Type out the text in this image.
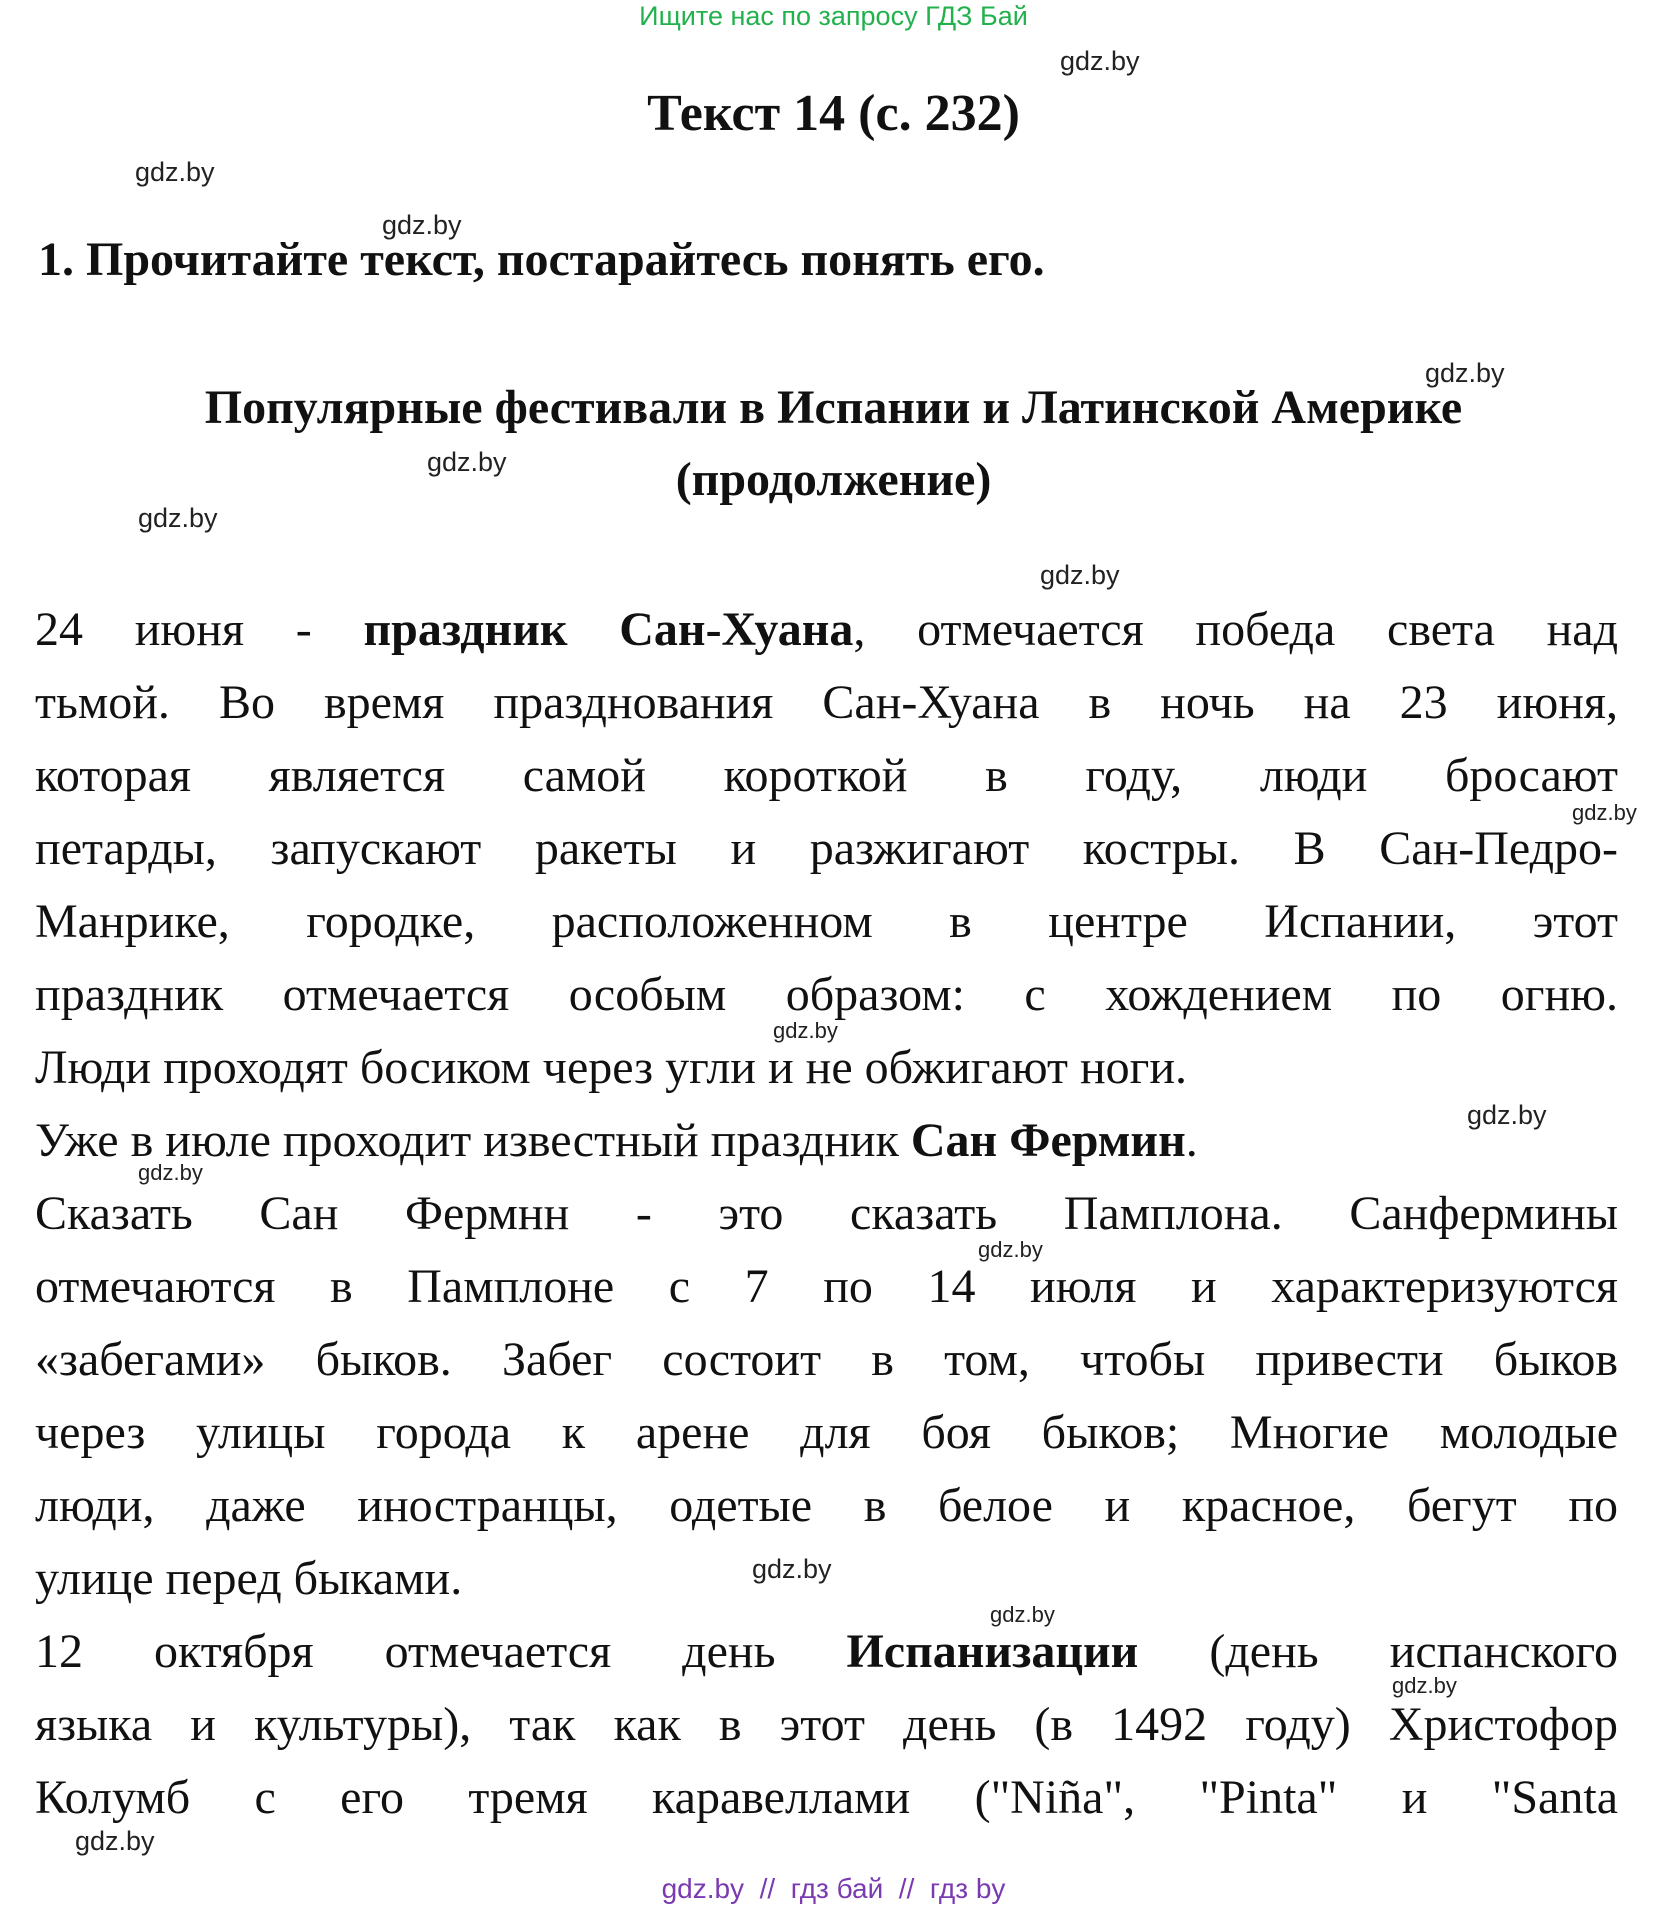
Ищите нас по запросу ГДЗ Бай
gdz.by
Текст 14 (с. 232)
gdz.by
gdz.by
1. Прочитайте текст, постарайтесь понять его.
gdz.by
Популярные фестивали в Испании и Латинской Америке
gdz.by	(продолжение)
gdz.by
gdz.by
24 июня - праздник Сан-Хуана, отмечается победа света над
тьмой. Во время празднования Сан-Хуана в ночь на 23 июня,
которая является самой короткой в году, люди бросают
петарды, запускают ракеты и разжигают костры. В Сан-Педро-
Манрике, городке, расположенном в центре Испании, этот
праздник отмечается особым образом: с хождением по огню.
Люди проходят босиком через угли и не обжигают ноги.
Уже в июле проходит известный праздник Сан Фермин.
Сказать Сан Фермнн - это сказать Памплона. Санфермины
отмечаются в Памплоне с 7 по 14 июля и характеризуются
«забегами» быков. Забег состоит в том, чтобы привести быков
через улицы города к арене для боя быков; Многие молодые
люди, даже иностранцы, одетые в белое и красное, бегут по
улице перед быками.
12 октября отмечается день Испанизации (день испанского
языка и культуры), так как в этот день (в 1492 году) Христофор
Колумб с его тремя каравеллами ("Niña", "Pinta" и "Santa
gdz.by
gdz.by
gdz.by
gdz.by
gdz.by
gdz.by
gdz.by
gdz.by
gdz.by
gdz.by  //  гдз бай  //  гдз by
